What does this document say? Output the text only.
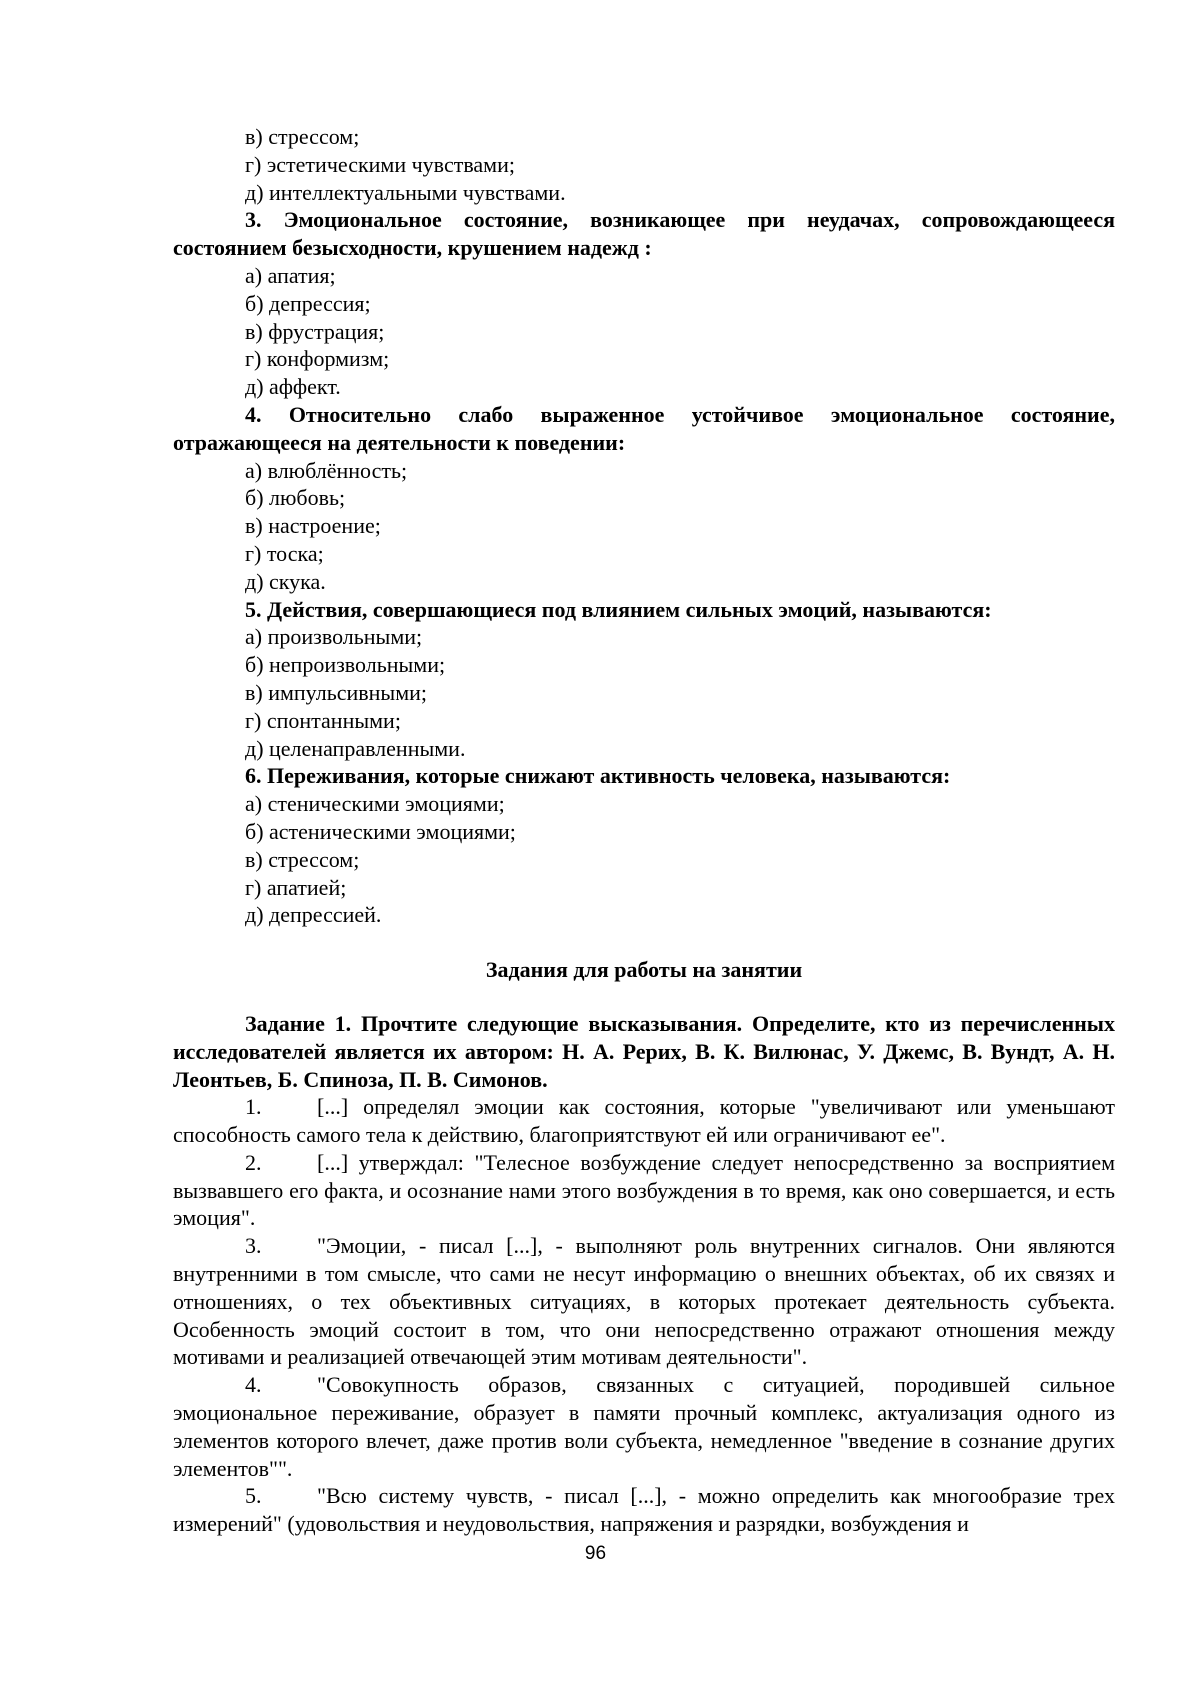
в) стрессом;
г) эстетическими чувствами;
д) интеллектуальными чувствами.
3. Эмоциональное состояние, возникающее при неудачах, сопровождающееся состоянием безысходности, крушением надежд :
а) апатия;
б) депрессия;
в) фрустрация;
г) конформизм;
д) аффект.
4. Относительно слабо выраженное устойчивое эмоциональное состояние, отражающееся на деятельности к поведении:
а) влюблённость;
б) любовь;
в) настроение;
г) тоска;
д) скука.
5. Действия, совершающиеся под влиянием сильных эмоций, называются:
а) произвольными;
б) непроизвольными;
в) импульсивными;
г) спонтанными;
д) целенаправленными.
6. Переживания, которые снижают активность человека, называются:
а) стеническими эмоциями;
б) астеническими эмоциями;
в) стрессом;
г) апатией;
д) депрессией.
Задания для работы на занятии
Задание 1. Прочтите следующие высказывания. Определите, кто из перечисленных исследователей является их автором: Н. А. Рерих, В. К. Вилюнас, У. Джемс, В. Вундт, А. Н. Леонтьев, Б. Спиноза, П. В. Симонов.
1.	[...] определял эмоции как состояния, которые "увеличивают или уменьшают способность самого тела к действию, благоприятствуют ей или ограничивают ее".
2.	[...] утверждал: "Телесное возбуждение следует непосредственно за восприятием вызвавшего его факта, и осознание нами этого возбуждения в то время, как оно совершается, и есть эмоция".
3.	"Эмоции, - писал [...], - выполняют роль внутренних сигналов. Они являются внутренними в том смысле, что сами не несут информацию о внешних объектах, об их связях и отношениях, о тех объективных ситуациях, в которых протекает деятельность субъекта. Особенность эмоций состоит в том, что они непосредственно отражают отношения между мотивами и реализацией отвечающей этим мотивам деятельности".
4.	"Совокупность образов, связанных с ситуацией, породившей сильное эмоциональное переживание, образует в памяти прочный комплекс, актуализация одного из элементов которого влечет, даже против воли субъекта, немедленное "введение в сознание других элементов"".
5.	"Всю систему чувств, - писал [...], - можно определить как многообразие трех измерений" (удовольствия и неудовольствия, напряжения и разрядки, возбуждения и
96
